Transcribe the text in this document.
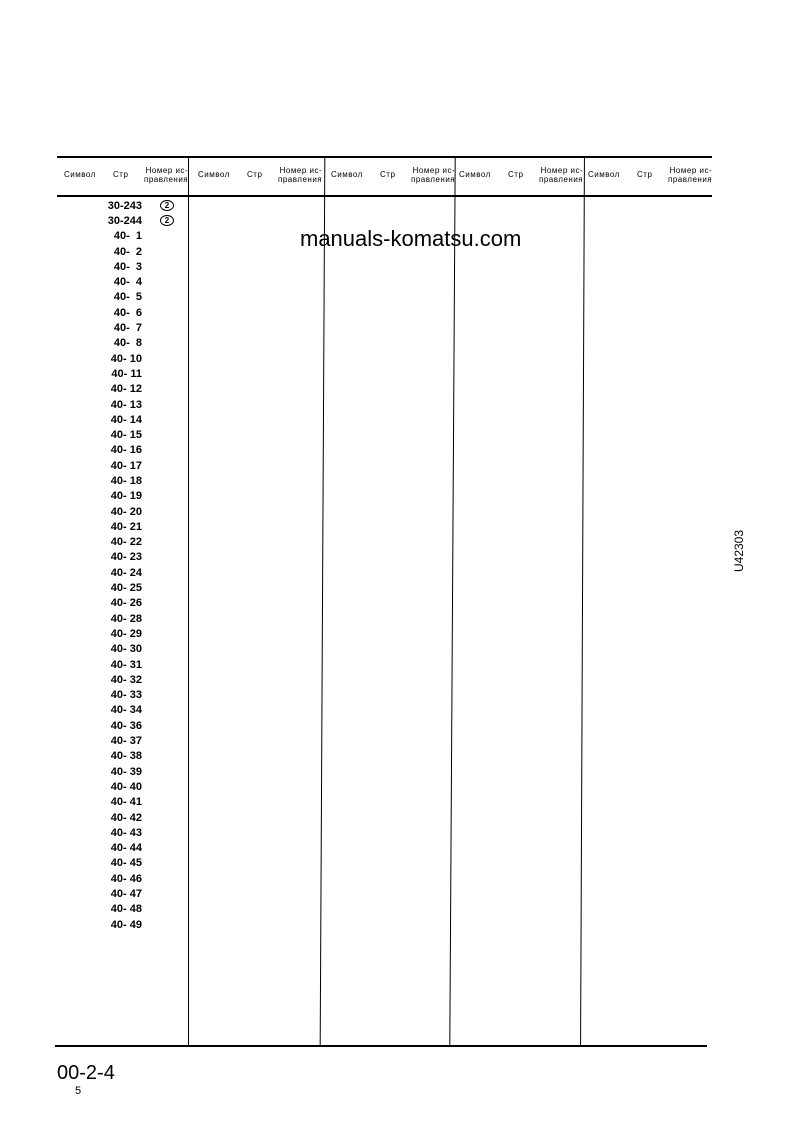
Символ Стр Номер ис-
правления
Символ Стр Номер ис-
правления
Символ Стр Номер ис-
правления
Символ Стр Номер ис-
правления
Символ Стр Номер ис-
правления
30-243	2
30-244	2
40-  1
40-  2
40-  3
40-  4
40-  5
40-  6
40-  7
40-  8
40- 10
40- 11
40- 12
40- 13
40- 14
40- 15
40- 16
40- 17
40- 18
40- 19
40- 20
40- 21
40- 22
40- 23
40- 24
40- 25
40- 26
40- 28
40- 29
40- 30
40- 31
40- 32
40- 33
40- 34
40- 36
40- 37
40- 38
40- 39
40- 40
40- 41
40- 42
40- 43
40- 44
40- 45
40- 46
40- 47
40- 48
40- 49
manuals-komatsu.com
U42303
00-2-4
5
